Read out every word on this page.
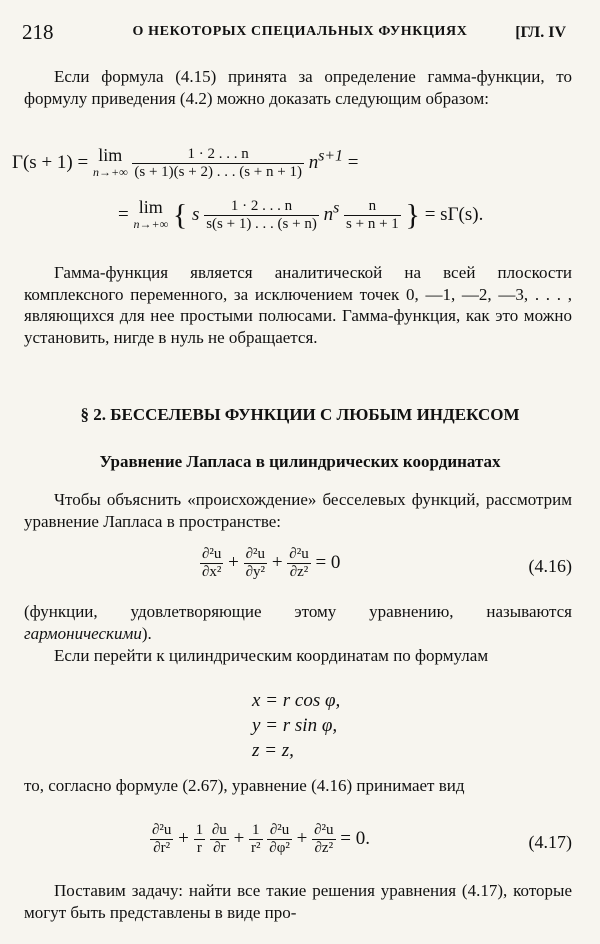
218	О НЕКОТОРЫХ СПЕЦИАЛЬНЫХ ФУНКЦИЯХ	[ГЛ. IV
Если формула (4.15) принята за определение гамма-функции, то формулу приведения (4.2) можно доказать следующим образом:
Γ(s + 1) = lim
n→+∞
$\frac{1 \cdot 2 . . . n}{(s + 1)(s + 2) . . . (s + n + 1)} n^{s+1}$ =
= lim
n→+∞ { s $\frac{1 \cdot 2 . . . n}{s(s + 1) . . . (s + n)} n^s \frac{n}{s + n + 1}$ } = sΓ(s).
Гамма-функция является аналитической на всей плоскости комплексного переменного, за исключением точек 0, —1, —2, —3, . . . , являющихся для нее простыми полюсами. Гамма-функция, как это можно установить, нигде в нуль не обращается.
§ 2. БЕССЕЛЕВЫ ФУНКЦИИ С ЛЮБЫМ ИНДЕКСОМ
Уравнение Лапласа в цилиндрических координатах
Чтобы объяснить «происхождение» бесселевых функций, рассмотрим уравнение Лапласа в пространстве:
$\frac{\text{∂²u}}{\text{∂x²}} + \frac{\text{∂²u}}{\text{∂y²}} + \frac{\text{∂²u}}{\text{∂z²}} = 0$	(4.16)
(функции, удовлетворяющие этому уравнению, называются гармоническими).
Если перейти к цилиндрическим координатам по формулам
x = r cos φ,
y = r sin φ,
z = z,
то, согласно формуле (2.67), уравнение (4.16) принимает вид
$\frac{\text{∂²u}}{\text{∂r²}} + \frac{1}{r}$
$\frac{\partial u}{\partial r} + \frac{1}{\text{r²}}$
$\frac{\text{∂²u}}{\text{∂φ²}} + \frac{\text{∂²u}}{\text{∂z²}} = 0$.	(4.17)
Поставим задачу: найти все такие решения уравнения (4.17), которые могут быть представлены в виде про-
